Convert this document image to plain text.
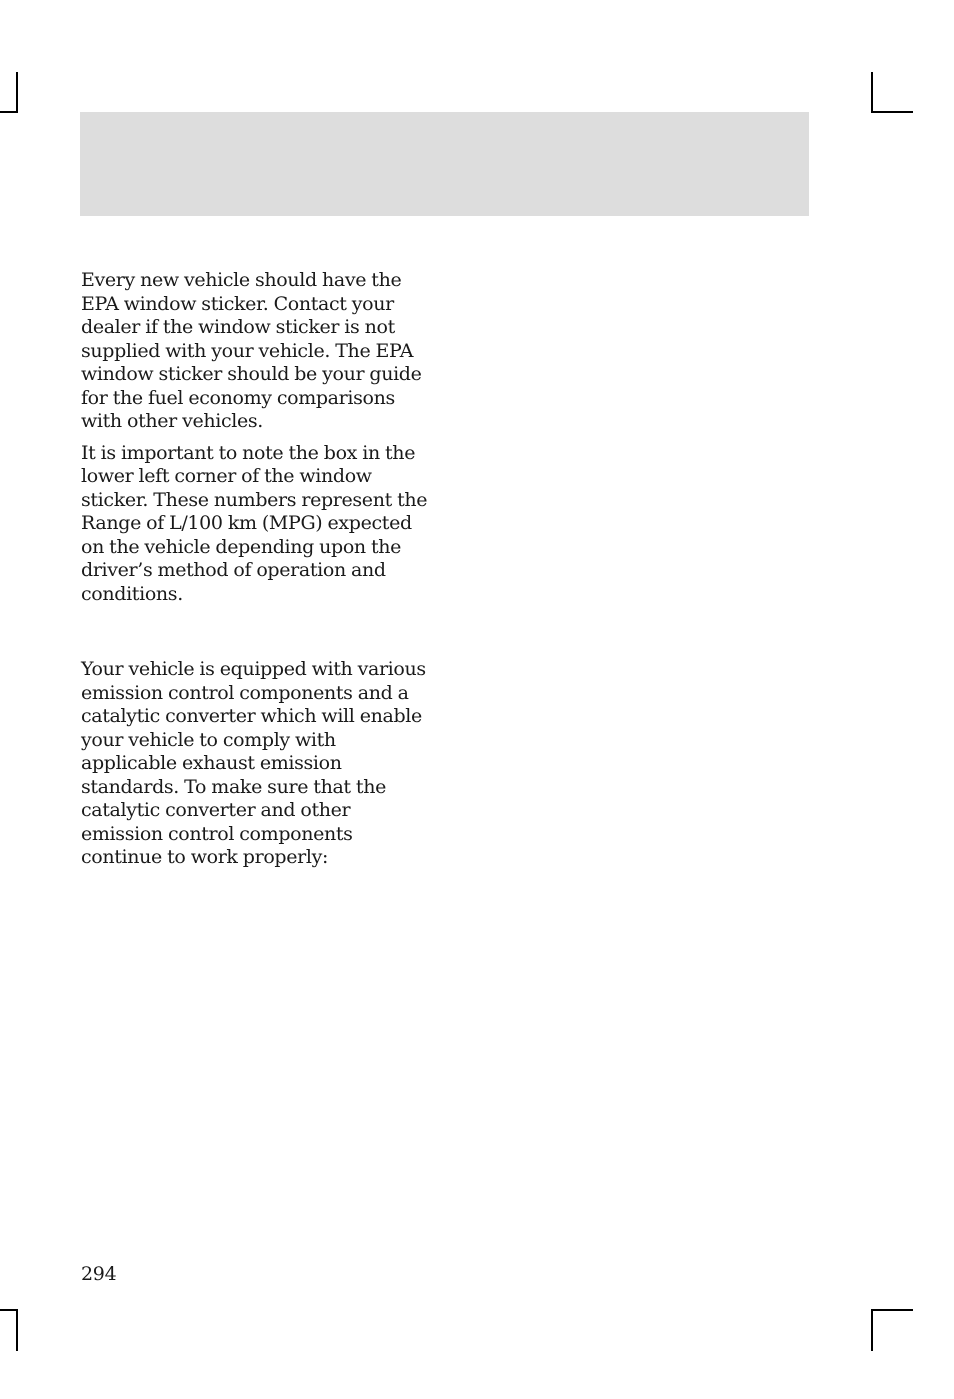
Every new vehicle should have the EPA window sticker. Contact your dealer if the window sticker is not supplied with your vehicle. The EPA window sticker should be your guide for the fuel economy comparisons with other vehicles.

It is important to note the box in the lower left corner of the window sticker. These numbers represent the Range of L/100 km (MPG) expected on the vehicle depending upon the driver’s method of operation and conditions.

Your vehicle is equipped with various emission control components and a catalytic converter which will enable your vehicle to comply with applicable exhaust emission standards. To make sure that the catalytic converter and other emission control components continue to work properly:

294
